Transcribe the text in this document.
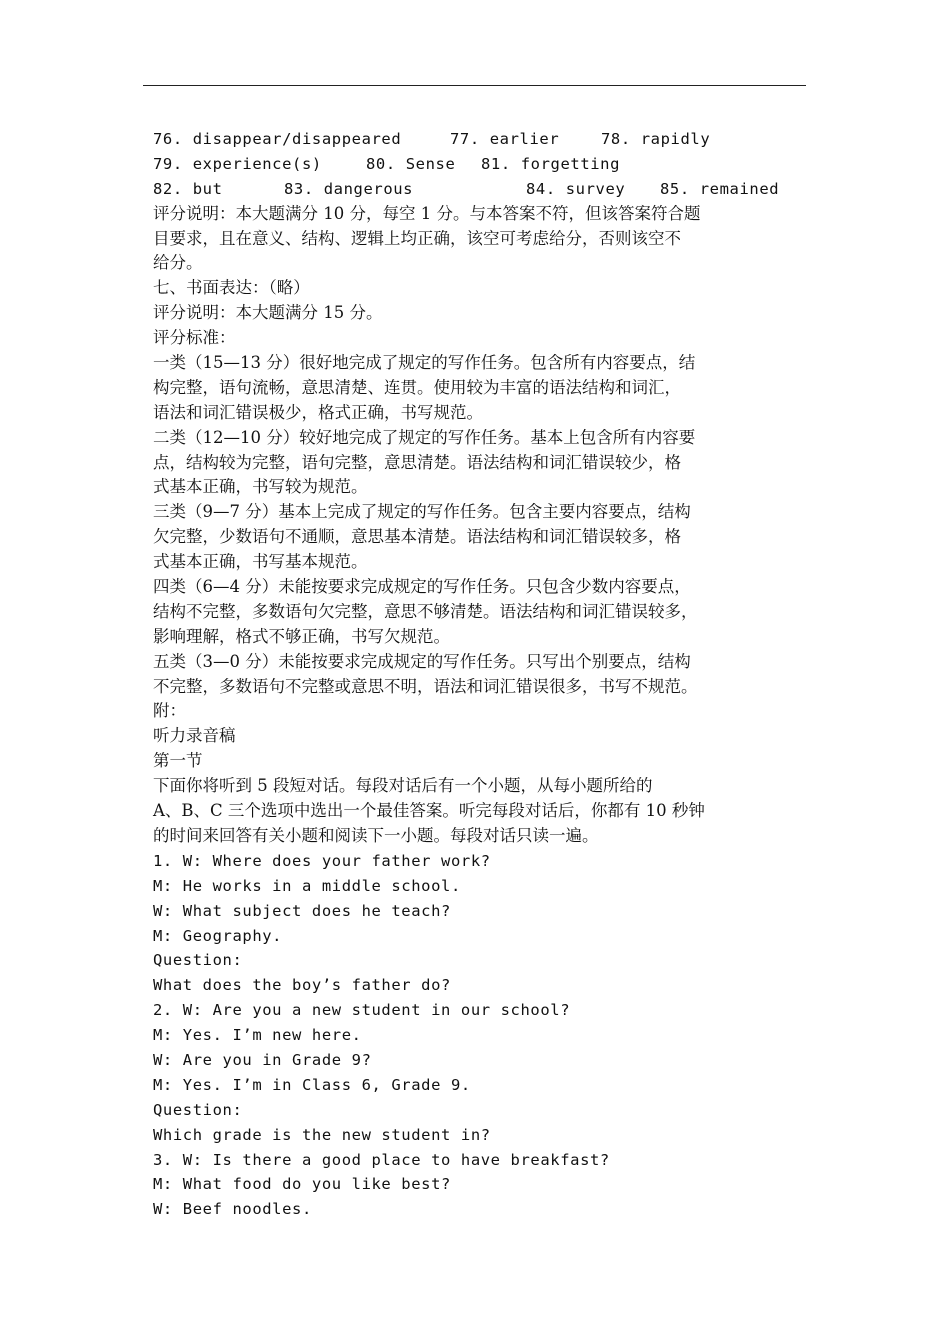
76. disappear/disappeared	77. earlier	78. rapidly
79. experience(s)	80. Sense 81. forgetting
82. but	83. dangerous	84. survey 85. remained
评分说明：本大题满分 10 分，每空 1 分。与本答案不符，但该答案符合题
目要求，且在意义、结构、逻辑上均正确，该空可考虑给分，否则该空不
给分。
七、书面表达：（略）
评分说明：本大题满分 15 分。
评分标准：
一类（15—13 分）很好地完成了规定的写作任务。包含所有内容要点，结
构完整，语句流畅，意思清楚、连贯。使用较为丰富的语法结构和词汇，
语法和词汇错误极少，格式正确，书写规范。
二类（12—10 分）较好地完成了规定的写作任务。基本上包含所有内容要
点，结构较为完整，语句完整，意思清楚。语法结构和词汇错误较少，格
式基本正确，书写较为规范。
三类（9—7 分）基本上完成了规定的写作任务。包含主要内容要点，结构
欠完整，少数语句不通顺，意思基本清楚。语法结构和词汇错误较多，格
式基本正确，书写基本规范。
四类（6—4 分）未能按要求完成规定的写作任务。只包含少数内容要点，
结构不完整，多数语句欠完整，意思不够清楚。语法结构和词汇错误较多，
影响理解，格式不够正确，书写欠规范。
五类（3—0 分）未能按要求完成规定的写作任务。只写出个别要点，结构
不完整，多数语句不完整或意思不明，语法和词汇错误很多，书写不规范。
附：
听力录音稿
第一节
下面你将听到 5 段短对话。每段对话后有一个小题，从每小题所给的
A、B、C 三个选项中选出一个最佳答案。听完每段对话后，你都有 10 秒钟
的时间来回答有关小题和阅读下一小题。每段对话只读一遍。
1. W: Where does your father work?
M: He works in a middle school.
W: What subject does he teach?
M: Geography.
Question:
What does the boy’s father do?
2. W: Are you a new student in our school?
M: Yes. I’m new here.
W: Are you in Grade 9?
M: Yes. I’m in Class 6, Grade 9.
Question:
Which grade is the new student in?
3. W: Is there a good place to have breakfast?
M: What food do you like best?
W: Beef noodles.
